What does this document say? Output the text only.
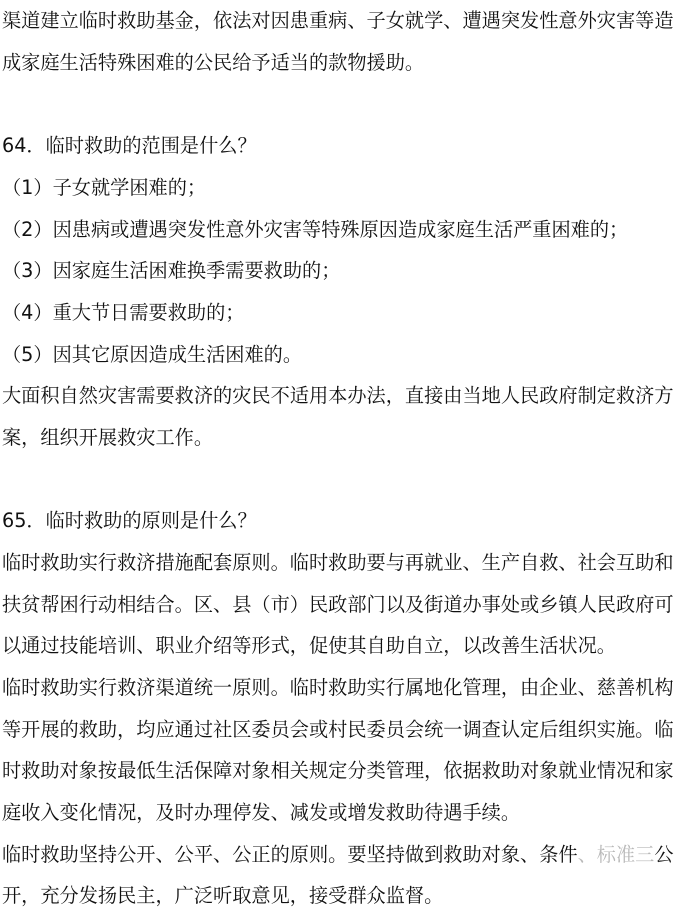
渠道建立临时救助基金，依法对因患重病、子女就学、遭遇突发性意外灾害等造
成家庭生活特殊困难的公民给予适当的款物援助。
64．临时救助的范围是什么？
（1）子女就学困难的；
（2）因患病或遭遇突发性意外灾害等特殊原因造成家庭生活严重困难的；
（3）因家庭生活困难换季需要救助的；
（4）重大节日需要救助的；
（5）因其它原因造成生活困难的。
大面积自然灾害需要救济的灾民不适用本办法，直接由当地人民政府制定救济方
案，组织开展救灾工作。
65．临时救助的原则是什么？
临时救助实行救济措施配套原则。临时救助要与再就业、生产自救、社会互助和
扶贫帮困行动相结合。区、县（市）民政部门以及街道办事处或乡镇人民政府可
以通过技能培训、职业介绍等形式，促使其自助自立，以改善生活状况。
临时救助实行救济渠道统一原则。临时救助实行属地化管理，由企业、慈善机构
等开展的救助，均应通过社区委员会或村民委员会统一调查认定后组织实施。临
时救助对象按最低生活保障对象相关规定分类管理，依据救助对象就业情况和家
庭收入变化情况，及时办理停发、减发或增发救助待遇手续。
临时救助坚持公开、公平、公正的原则。要坚持做到救助对象、条件、标准三公
开，充分发扬民主，广泛听取意见，接受群众监督。
